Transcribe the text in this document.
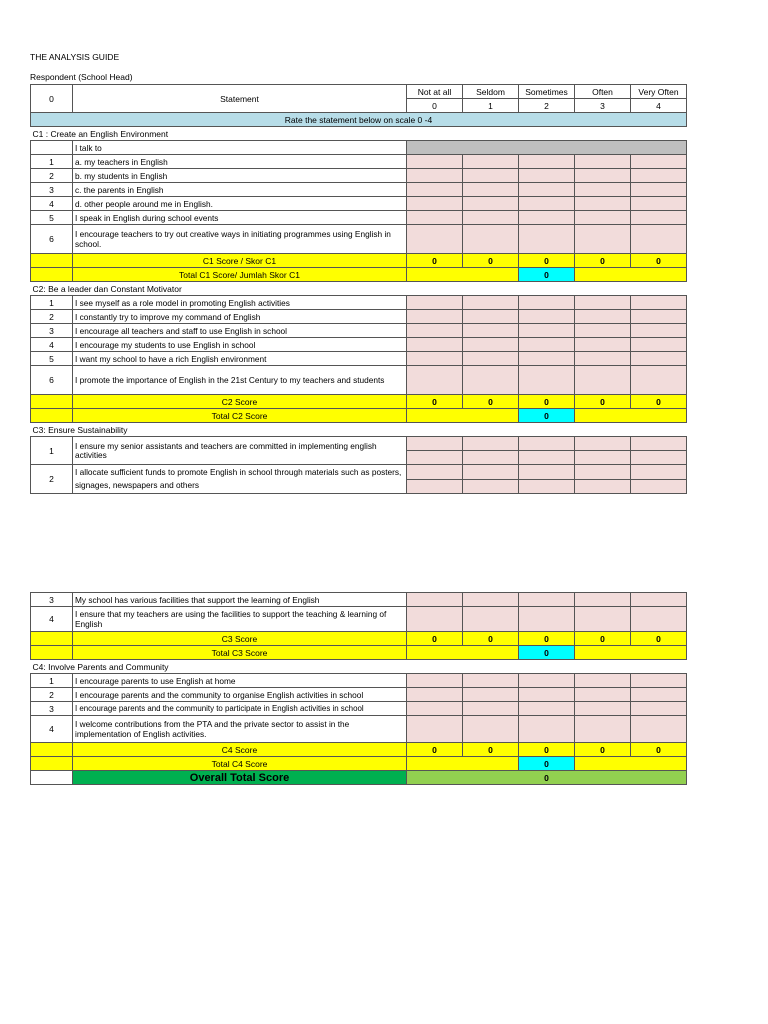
THE ANALYSIS GUIDE
Respondent (School Head)
0	Statement	Not at all	Seldom	Sometimes	Often	Very Often
		0	1	2	3	4
Rate the statement below on scale 0 -4						
C1 : Create an English Environment						
	I talk to					
1	a. my teachers in English					
2	b. my students in English					
3	c. the parents in English					
4	d. other people around me in English.					
5	I speak in English during school events					
6	I encourage teachers to try out creative ways in initiating programmes using English in school.					
	C1 Score / Skor C1	0	0	0	0	0
	Total C1 Score/ Jumlah Skor C1			0		
C2: Be a leader dan Constant Motivator						
1	I see myself as a role model in promoting English activities					
2	I constantly try to improve my command of English					
3	I encourage all teachers and staff to use English in school					
4	I encourage my students to use English in school					
5	I want my school to have a rich English environment					
6	I promote the importance of English in the 21st Century to my teachers and students					
	C2 Score	0	0	0	0	0
	Total C2 Score			0		
C3: Ensure Sustainability						
1	I ensure my senior assistants and teachers are committed in implementing english activities					

2	I allocate sufficient funds to promote English in school through materials such as posters, signages, newspapers and others					

3	My school has various facilities that support the learning of English					
4	I ensure that my teachers are using the facilities to support the teaching & learning of English					
	C3 Score	0	0	0	0	0
	Total C3 Score			0		
C4: Involve Parents and Community						
1	I encourage parents to use English at home					
2	I encourage parents and the community to organise English activities in school					
3	I encourage parents and the community to participate in English activities in school					
4	I welcome contributions from the PTA and the private sector to assist in the implementation of English activities.					
	C4 Score	0	0	0	0	0
	Total C4 Score			0		
	Overall Total Score	0				
